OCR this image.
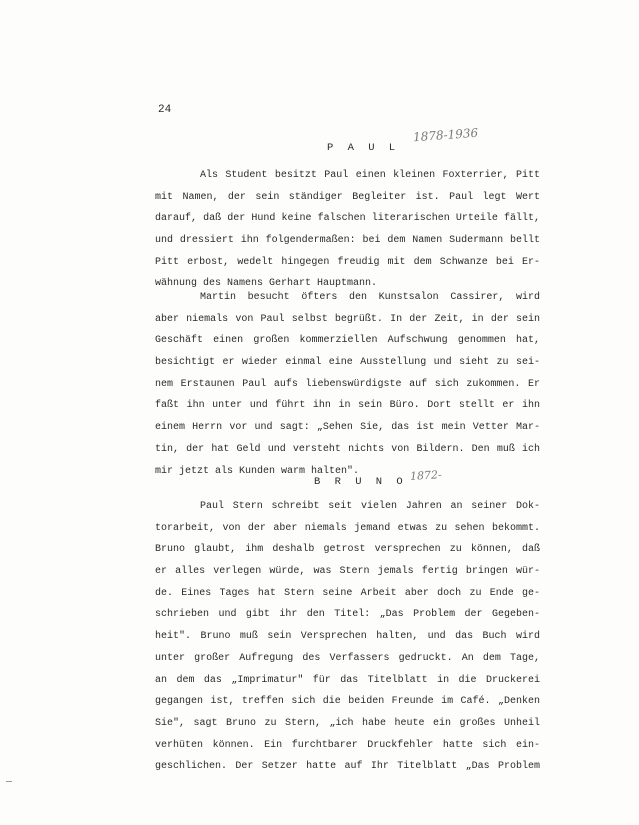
24
P A U L
1878-1936
Als Student besitzt Paul einen kleinen Foxterrier, Pitt
mit Namen, der sein ständiger Begleiter ist. Paul legt Wert
darauf, daß der Hund keine falschen literarischen Urteile fällt,
und dressiert ihn folgendermaßen: bei dem Namen Sudermann bellt
Pitt erbost, wedelt hingegen freudig mit dem Schwanze bei Er-
wähnung des Namens Gerhart Hauptmann.
Martin besucht öfters den Kunstsalon Cassirer, wird
aber niemals von Paul selbst begrüßt. In der Zeit, in der sein
Geschäft einen großen kommerziellen Aufschwung genommen hat,
besichtigt er wieder einmal eine Ausstellung und sieht zu sei-
nem Erstaunen Paul aufs liebenswürdigste auf sich zukommen. Er
faßt ihn unter und führt ihn in sein Büro. Dort stellt er ihn
einem Herrn vor und sagt: „Sehen Sie, das ist mein Vetter Mar-
tin, der hat Geld und versteht nichts von Bildern. Den muß ich
mir jetzt als Kunden warm halten".
B R U N O 1872-
Paul Stern schreibt seit vielen Jahren an seiner Dok-
torarbeit, von der aber niemals jemand etwas zu sehen bekommt.
Bruno glaubt, ihm deshalb getrost versprechen zu können, daß
er alles verlegen würde, was Stern jemals fertig bringen wür-
de. Eines Tages hat Stern seine Arbeit aber doch zu Ende ge-
schrieben und gibt ihr den Titel: „Das Problem der Gegeben-
heit". Bruno muß sein Versprechen halten, und das Buch wird
unter großer Aufregung des Verfassers gedruckt. An dem Tage,
an dem das „Imprimatur" für das Titelblatt in die Druckerei
gegangen ist, treffen sich die beiden Freunde im Café. „Denken
Sie", sagt Bruno zu Stern, „ich habe heute ein großes Unheil
verhüten können. Ein furchtbarer Druckfehler hatte sich ein-
geschlichen. Der Setzer hatte auf Ihr Titelblatt „Das Problem
